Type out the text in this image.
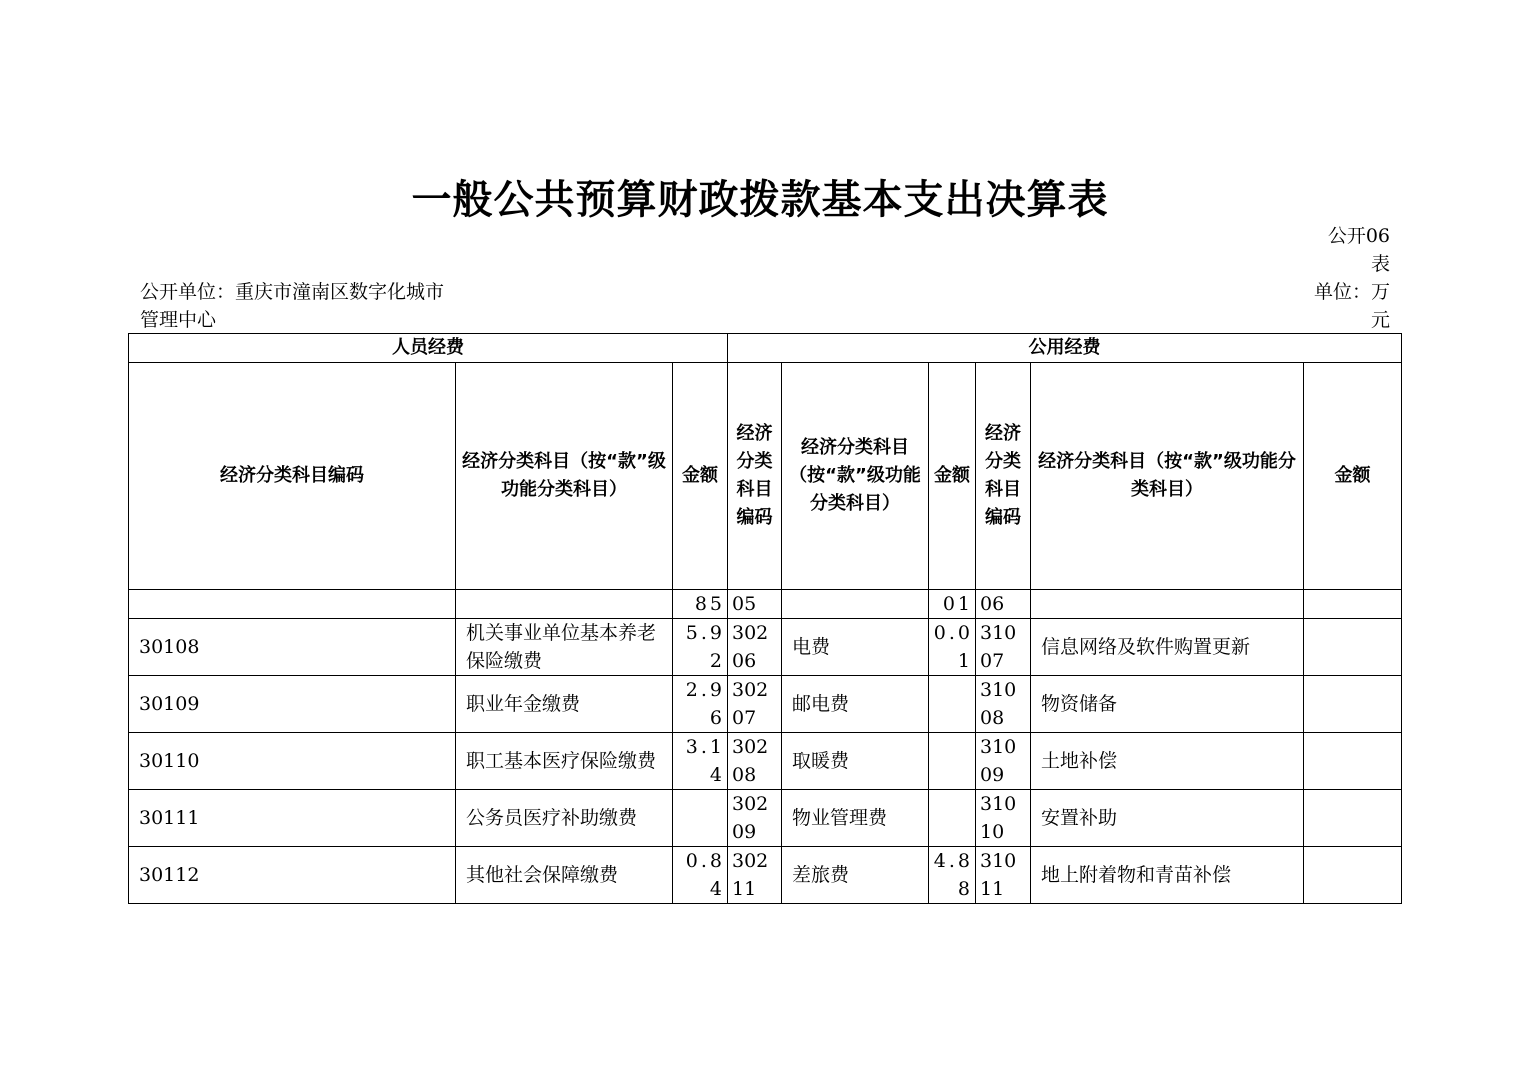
一般公共预算财政拨款基本支出决算表
公开06表
单位：万元
公开单位：重庆市潼南区数字化城市管理中心
人员经费			公用经费					
经济分类科目编码	经济分类科目（按“款”级功能分类科目）	金额	经济分类科目编码	经济分类科目（按“款”级功能分类科目）	金额	经济分类科目编码	经济分类科目（按“款”级功能分类科目）	金额
		85	05		01	06		
30108	机关事业单位基本养老保险缴费	5.92	30206	电费	0.01	31007	信息网络及软件购置更新	
30109	职业年金缴费	2.96	30207	邮电费		31008	物资储备	
30110	职工基本医疗保险缴费	3.14	30208	取暖费		31009	土地补偿	
30111	公务员医疗补助缴费		30209	物业管理费		31010	安置补助	
30112	其他社会保障缴费	0.84	30211	差旅费	4.88	31011	地上附着物和青苗补偿	
